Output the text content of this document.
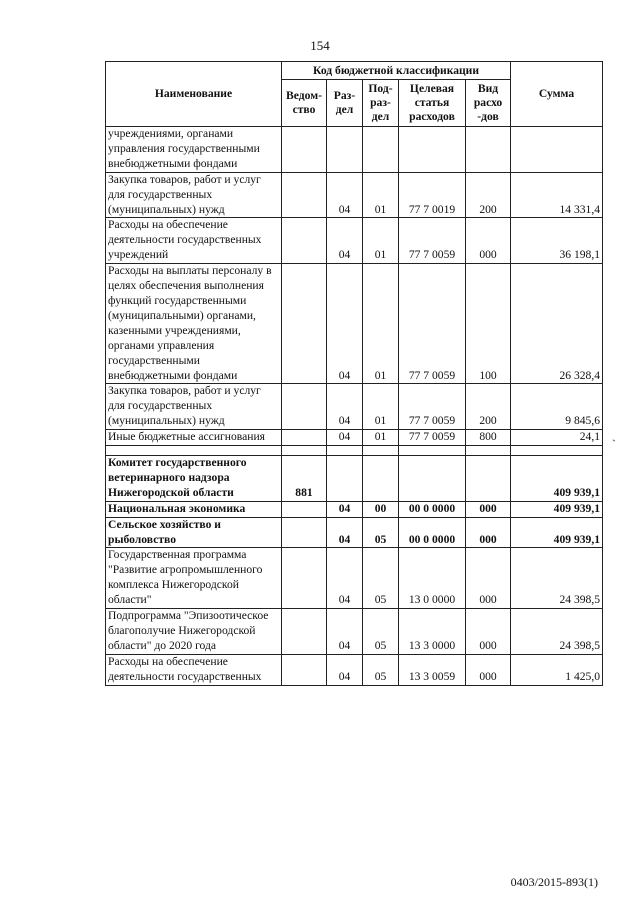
154
`
Наименование	Код бюджетной классификации					Сумма
	Ведом-ство	Раз-дел	Под-раз-дел	Целевая статья расходов	Вид расхо -дов	
учреждениями, органами управления государственными внебюджетными фондами						
Закупка товаров, работ и услуг для государственных (муниципальных) нужд		04	01	77 7 0019	200	14 331,4
Расходы на обеспечение деятельности государственных учреждений		04	01	77 7 0059	000	36 198,1
Расходы на выплаты персоналу в целях обеспечения выполнения функций государственными (муниципальными) органами, казенными учреждениями, органами управления государственными внебюджетными фондами		04	01	77 7 0059	100	26 328,4
Закупка товаров, работ и услуг для государственных (муниципальных) нужд		04	01	77 7 0059	200	9 845,6
Иные бюджетные ассигнования		04	01	77 7 0059	800	24,1

Комитет государственного ветеринарного надзора Нижегородской области	881					409 939,1
Национальная экономика		04	00	00 0 0000	000	409 939,1
Сельское хозяйство и рыболовство		04	05	00 0 0000	000	409 939,1
Государственная программа "Развитие агропромышленного комплекса Нижегородской области"		04	05	13 0 0000	000	24 398,5
Подпрограмма "Эпизоотическое благополучие Нижегородской области" до 2020 года		04	05	13 3 0000	000	24 398,5
Расходы на обеспечение деятельности государственных		04	05	13 3 0059	000	1 425,0
0403/2015-893(1)
